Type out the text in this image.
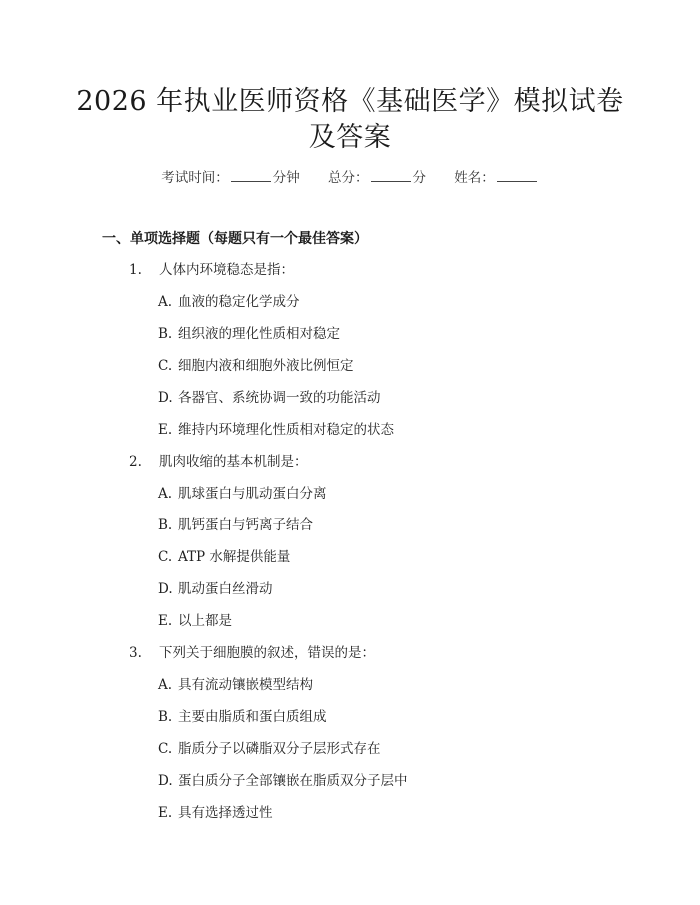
2026 年执业医师资格《基础医学》模拟试卷
及答案
考试时间：	分钟 总分：	分 姓名：
一、单项选择题（每题只有一个最佳答案）
1. 人体内环境稳态是指：
A. 血液的稳定化学成分
B. 组织液的理化性质相对稳定
C. 细胞内液和细胞外液比例恒定
D. 各器官、系统协调一致的功能活动
E. 维持内环境理化性质相对稳定的状态
2. 肌肉收缩的基本机制是：
A. 肌球蛋白与肌动蛋白分离
B. 肌钙蛋白与钙离子结合
C. ATP 水解提供能量
D. 肌动蛋白丝滑动
E. 以上都是
3. 下列关于细胞膜的叙述，错误的是：
A. 具有流动镶嵌模型结构
B. 主要由脂质和蛋白质组成
C. 脂质分子以磷脂双分子层形式存在
D. 蛋白质分子全部镶嵌在脂质双分子层中
E. 具有选择透过性
